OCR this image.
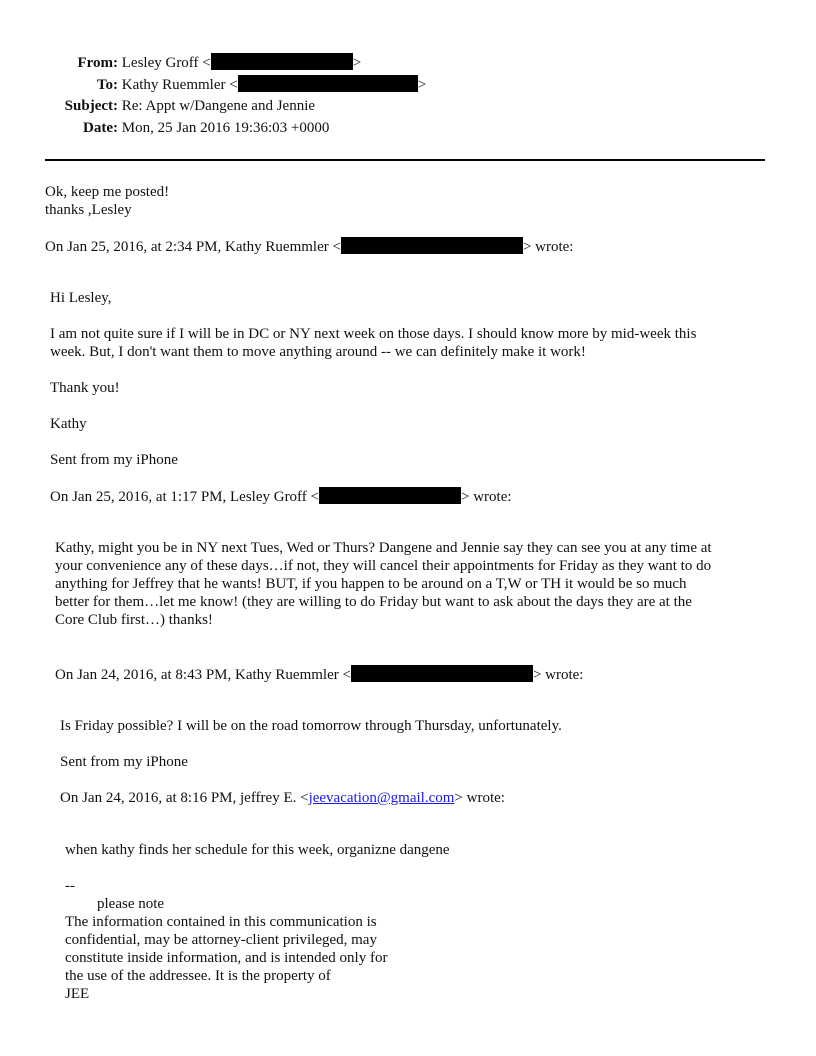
From: Lesley Groff <	>
To: Kathy Ruemmler <	>
Subject: Re: Appt w/Dangene and Jennie
Date: Mon, 25 Jan 2016 19:36:03 +0000
Ok, keep me posted!
thanks ,Lesley
On Jan 25, 2016, at 2:34 PM, Kathy Ruemmler <	> wrote:
Hi Lesley,
I am not quite sure if I will be in DC or NY next week on those days. I should know more by mid-week this
week. But, I don't want them to move anything around -- we can definitely make it work!
Thank you!
Kathy
Sent from my iPhone
On Jan 25, 2016, at 1:17 PM, Lesley Groff <	> wrote:
Kathy, might you be in NY next Tues, Wed or Thurs? Dangene and Jennie say they can see you at any time at
your convenience any of these days…if not, they will cancel their appointments for Friday as they want to do
anything for Jeffrey that he wants! BUT, if you happen to be around on a T,W or TH it would be so much
better for them…let me know! (they are willing to do Friday but want to ask about the days they are at the
Core Club first…) thanks!
On Jan 24, 2016, at 8:43 PM, Kathy Ruemmler <	> wrote:
Is Friday possible? I will be on the road tomorrow through Thursday, unfortunately.
Sent from my iPhone
On Jan 24, 2016, at 8:16 PM, jeffrey E. <jeevacation@gmail.com> wrote:
when kathy finds her schedule for this week, organizne dangene
--
please note
The information contained in this communication is
confidential, may be attorney-client privileged, may
constitute inside information, and is intended only for
the use of the addressee. It is the property of
JEE
